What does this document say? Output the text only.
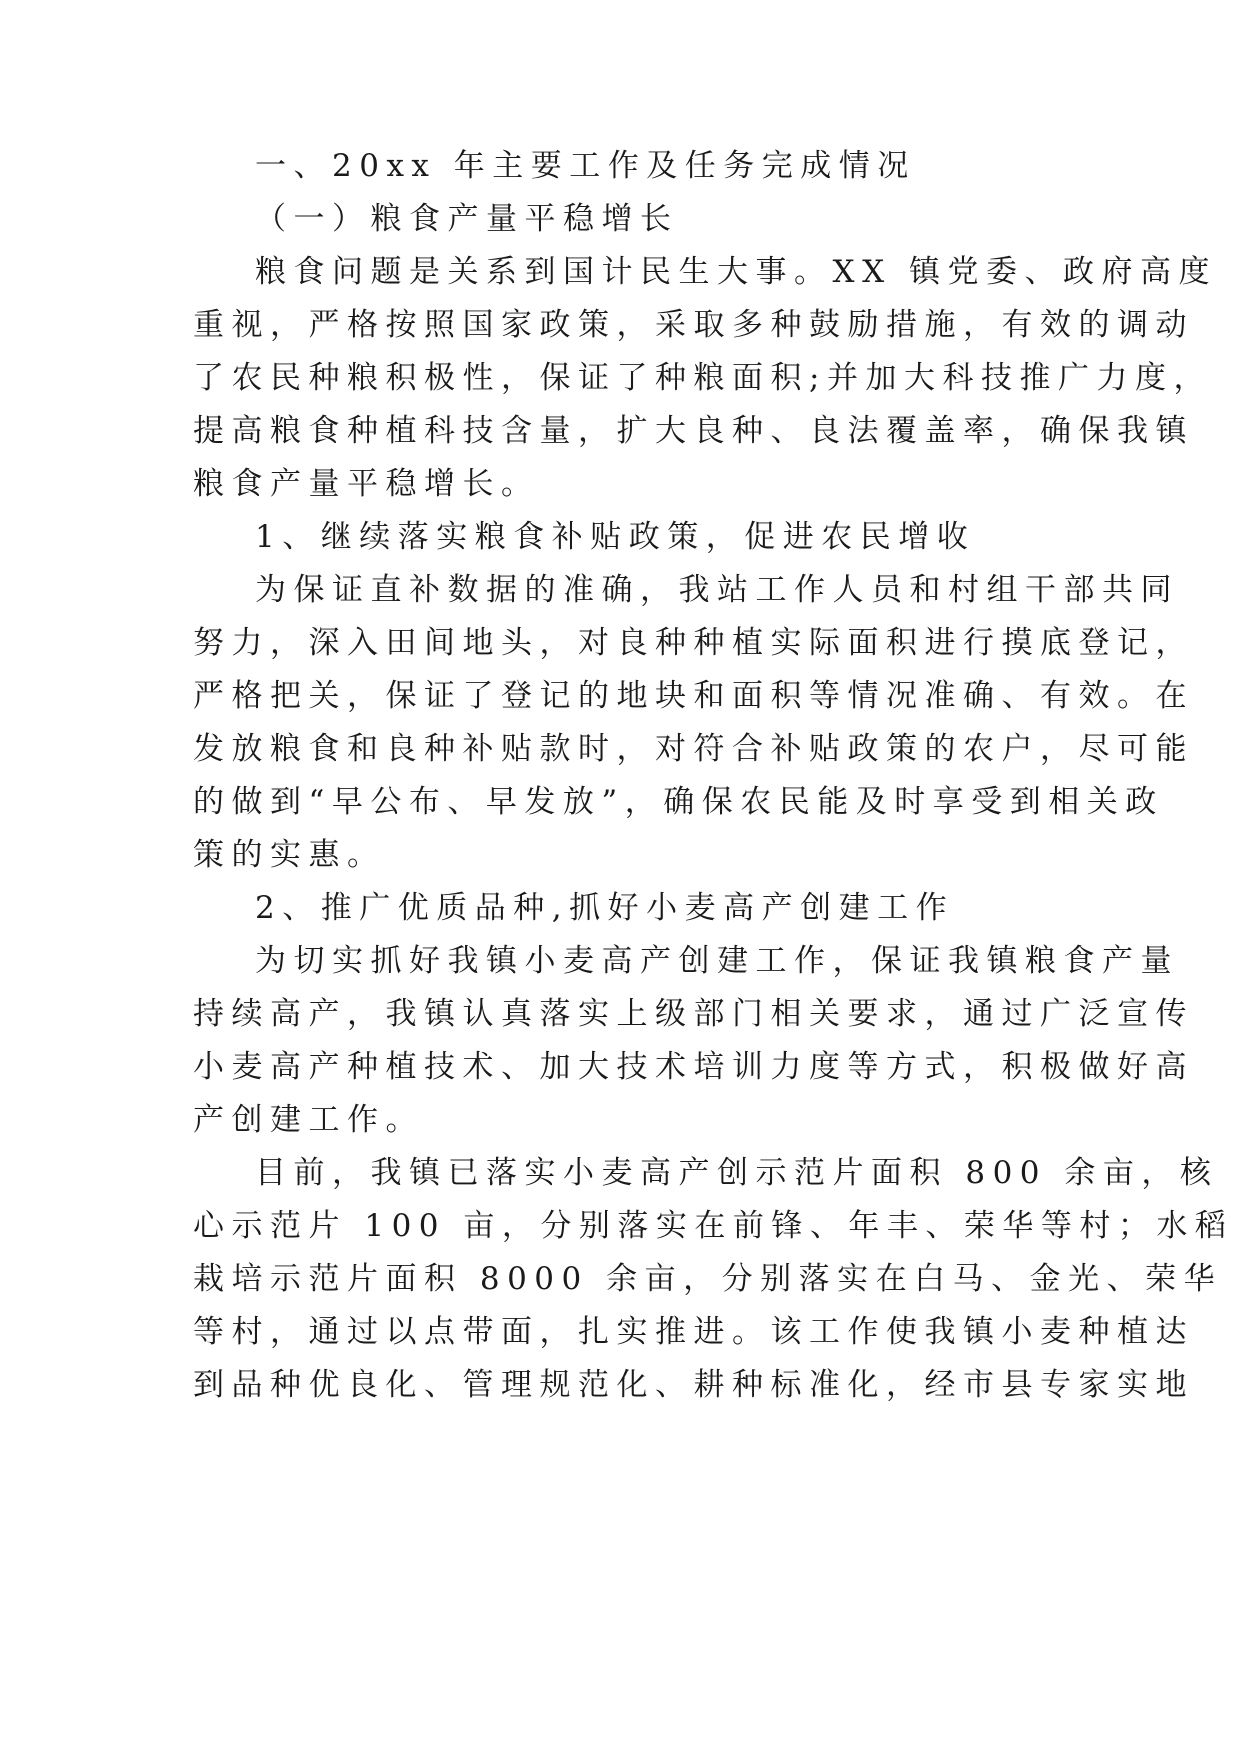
一、20xx 年主要工作及任务完成情况
（一）粮食产量平稳增长
粮食问题是关系到国计民生大事。XX 镇党委、政府高度
重视，严格按照国家政策，采取多种鼓励措施，有效的调动
了农民种粮积极性，保证了种粮面积;并加大科技推广力度，
提高粮食种植科技含量，扩大良种、良法覆盖率，确保我镇
粮食产量平稳增长。
1、继续落实粮食补贴政策，促进农民增收
为保证直补数据的准确，我站工作人员和村组干部共同
努力，深入田间地头，对良种种植实际面积进行摸底登记，
严格把关，保证了登记的地块和面积等情况准确、有效。在
发放粮食和良种补贴款时，对符合补贴政策的农户，尽可能
的做到“早公布、早发放”，确保农民能及时享受到相关政
策的实惠。
2、推广优质品种,抓好小麦高产创建工作
为切实抓好我镇小麦高产创建工作，保证我镇粮食产量
持续高产，我镇认真落实上级部门相关要求，通过广泛宣传
小麦高产种植技术、加大技术培训力度等方式，积极做好高
产创建工作。
目前，我镇已落实小麦高产创示范片面积 800 余亩，核
心示范片 100 亩，分别落实在前锋、年丰、荣华等村；水稻
栽培示范片面积 8000 余亩，分别落实在白马、金光、荣华
等村，通过以点带面，扎实推进。该工作使我镇小麦种植达
到品种优良化、管理规范化、耕种标准化，经市县专家实地
